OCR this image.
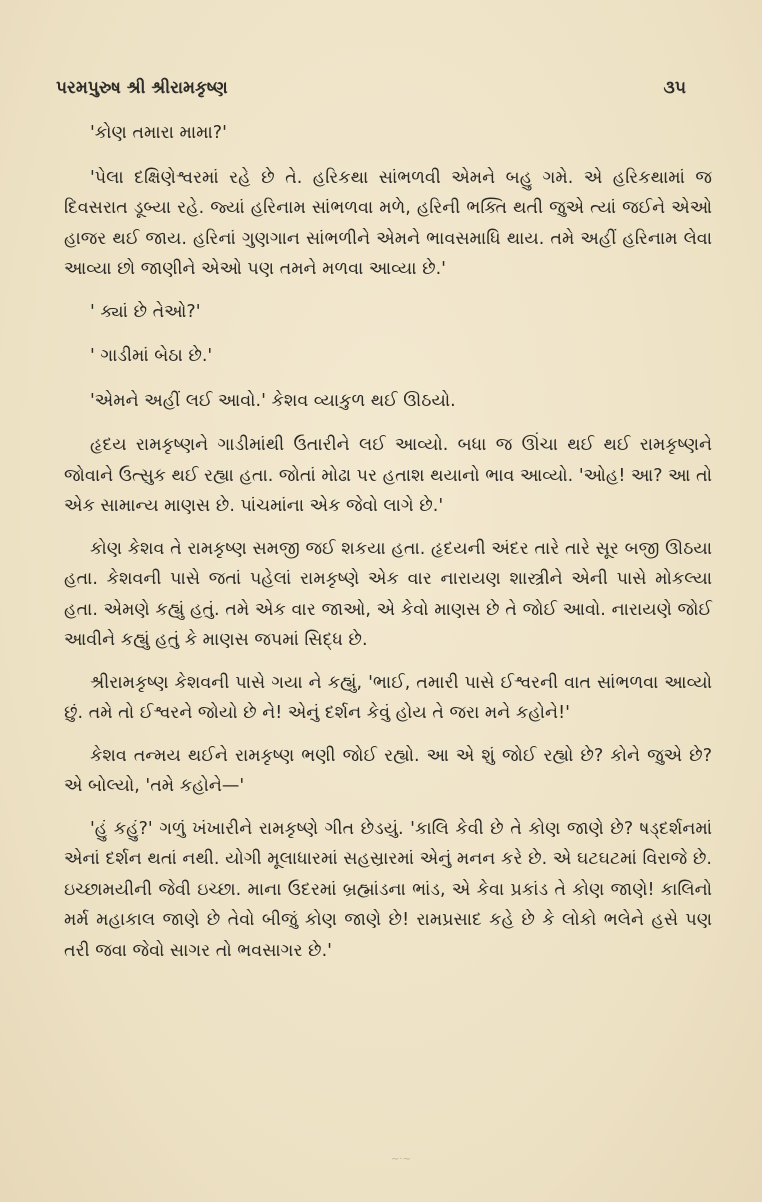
પરમપુરુષ શ્રી શ્રીરામકૃષ્ણ	૩૫

'કોણ તમારા મામા?'

'પેલા દક્ષિણેશ્વરમાં રહે છે તે. હરિકથા સાંભળવી એમને બહુ ગમે. એ હરિકથામાં જ દિવસરાત ડૂબ્યા રહે. જ્યાં હરિનામ સાંભળવા મળે, હરિની ભક્તિ થતી જુએ ત્યાં જઈને એઓ હાજર થઈ જાય. હરિનાં ગુણગાન સાંભળીને એમને ભાવસમાધિ થાય. તમે અહીં હરિનામ લેવા આવ્યા છો જાણીને એઓ પણ તમને મળવા આવ્યા છે.'

' ક્યાં છે તેઓ?'

' ગાડીમાં બેઠા છે.'

'એમને અહીં લઈ આવો.' કેશવ વ્યાકુળ થઈ ઊઠયો.

હૃદય રામકૃષ્ણને ગાડીમાંથી ઉતારીને લઈ આવ્યો. બધા જ ઊંચા થઈ થઈ રામકૃષ્ણને જોવાને ઉત્સુક થઈ રહ્યા હતા. જોતાં મોઢા પર હતાશ થયાનો ભાવ આવ્યો. 'ઓહ! આ? આ તો એક સામાન્ય માણસ છે. પાંચમાંના એક જેવો લાગે છે.'

કોણ કેશવ તે રામકૃષ્ણ સમજી જઈ શકયા હતા. હૃદયની અંદર તારે તારે સૂર બજી ઊઠયા હતા. કેશવની પાસે જતાં પહેલાં રામકૃષ્ણે એક વાર નારાયણ શાસ્ત્રીને એની પાસે મોકલ્યા હતા. એમણે કહ્યું હતું. તમે એક વાર જાઓ, એ કેવો માણસ છે તે જોઈ આવો. નારાયણે જોઈ આવીને કહ્યું હતું કે માણસ જપમાં સિદ્ધ છે.

શ્રીરામકૃષ્ણ કેશવની પાસે ગયા ને કહ્યું, 'ભાઈ, તમારી પાસે ઈશ્વરની વાત સાંભળવા આવ્યો છું. તમે તો ઈશ્વરને જોયો છે ને! એનું દર્શન કેવું હોય તે જરા મને કહોને!'

કેશવ તન્મય થઈને રામકૃષ્ણ ભણી જોઈ રહ્યો. આ એ શું જોઈ રહ્યો છે? કોને જુએ છે? એ બોલ્યો, 'તમે કહોને—'

'હું કહું?' ગળું ખંખારીને રામકૃષ્ણે ગીત છેડયું. 'કાલિ કેવી છે તે કોણ જાણે છે? ષડ્દર્શનમાં એનાં દર્શન થતાં નથી. યોગી મૂલાધારમાં સહસ્રારમાં એનું મનન કરે છે. એ ઘટઘટમાં વિરાજે છે. ઇચ્છામયીની જેવી ઇચ્છા. માના ઉદરમાં બ્રહ્માંડના ભાંડ, એ કેવા પ્રકાંડ તે કોણ જાણે! કાલિનો મર્મ મહાકાલ જાણે છે તેવો બીજું કોણ જાણે છે! રામપ્રસાદ કહે છે કે લોકો ભલેને હસે પણ તરી જવા જેવો સાગર તો ભવસાગર છે.'

~·~
